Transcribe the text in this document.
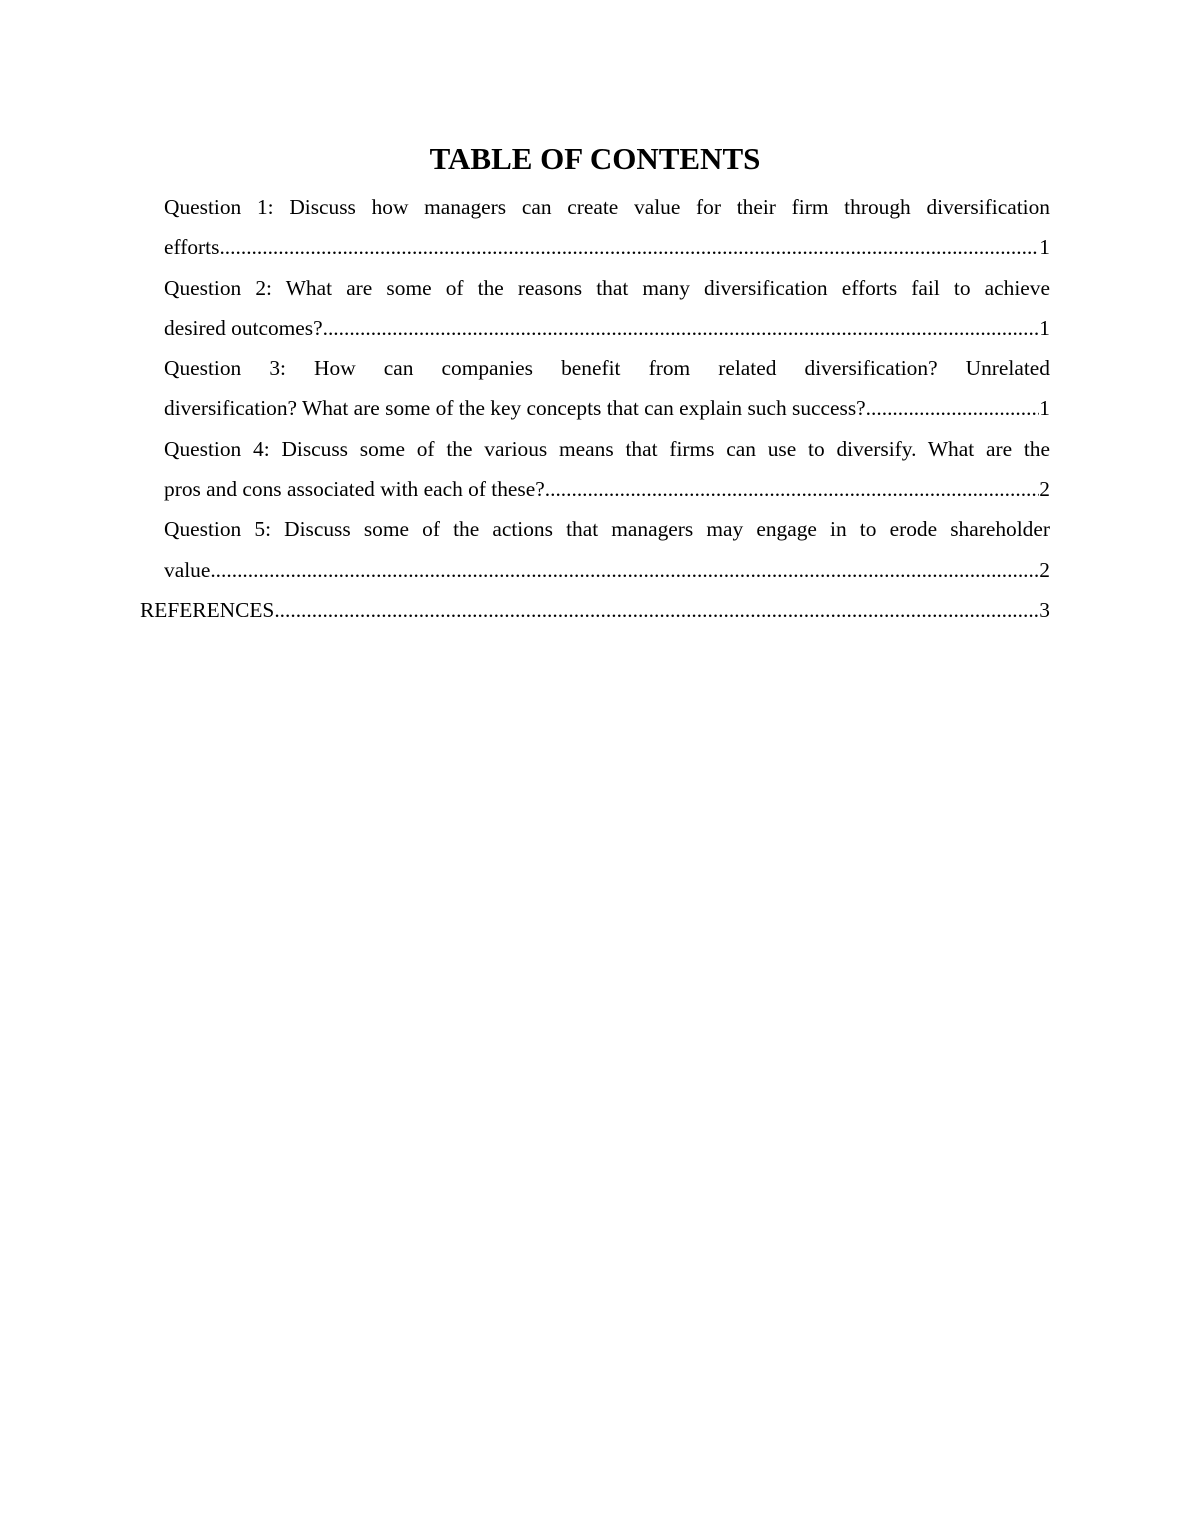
TABLE OF CONTENTS
Question 1: Discuss how managers can create value for their firm through diversification
efforts .....	1
Question 2: What are some of the reasons that many diversification efforts fail to achieve
desired outcomes? .....	1
Question 3: How can companies benefit from related diversification? Unrelated
diversification? What are some of the key concepts that can explain such success? .....	1
Question 4: Discuss some of the various means that firms can use to diversify. What are the
pros and cons associated with each of these? .....	2
Question 5: Discuss some of the actions that managers may engage in to erode shareholder
value .....	2
REFERENCES .....	3
